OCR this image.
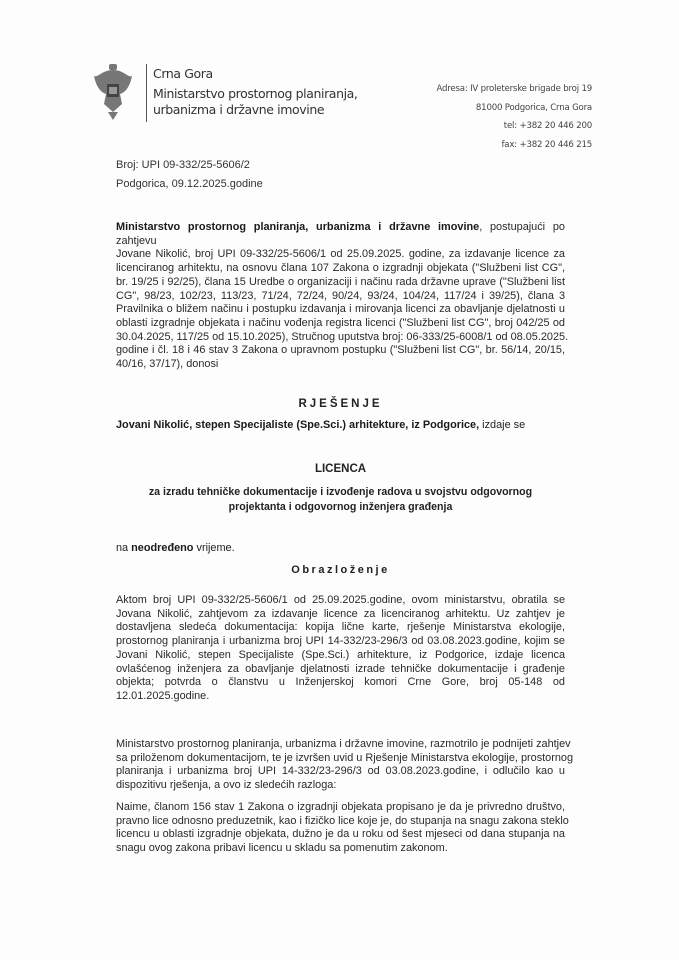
Crna Gora
Ministarstvo prostornog planiranja,
urbanizma i državne imovine
Adresa: IV proleterske brigade broj 19
81000 Podgorica, Crna Gora
tel: +382 20 446 200
fax: +382 20 446 215
Broj: UPI 09-332/25-5606/2
Podgorica, 09.12.2025.godine
Ministarstvo prostornog planiranja, urbanizma i državne imovine, postupajući po zahtjevu
Jovane Nikolić, broj UPI 09-332/25-5606/1 od 25.09.2025. godine, za izdavanje licence za
licenciranog arhitektu, na osnovu člana 107 Zakona o izgradnji objekata ("Službeni list CG",
br. 19/25 i 92/25), člana 15 Uredbe o organizaciji i načinu rada državne uprave ("Službeni list
CG", 98/23, 102/23, 113/23, 71/24, 72/24, 90/24, 93/24, 104/24, 117/24 i 39/25), člana 3
Pravilnika o bližem načinu i postupku izdavanja i mirovanja licenci za obavljanje djelatnosti u
oblasti izgradnje objekata i načinu vođenja registra licenci ("Službeni list CG", broj 042/25 od
30.04.2025, 117/25 od 15.10.2025), Stručnog uputstva broj: 06-333/25-6008/1 od 08.05.2025.
godine i čl. 18 i 46 stav 3 Zakona o upravnom postupku ("Službeni list CG", br. 56/14, 20/15,
40/16, 37/17), donosi
RJEŠENJE
Jovani Nikolić, stepen Specijaliste (Spe.Sci.) arhitekture, iz Podgorice, izdaje se
LICENCA
za izradu tehničke dokumentacije i izvođenje radova u svojstvu odgovornog
projektanta i odgovornog inženjera građenja
na neodređeno vrijeme.
Obrazloženje
Aktom broj UPI 09-332/25-5606/1 od 25.09.2025.godine, ovom ministarstvu, obratila se
Jovana Nikolić, zahtjevom za izdavanje licence za licenciranog arhitektu. Uz zahtjev je
dostavljena sledeća dokumentacija: kopija lične karte, rješenje Ministarstva ekologije,
prostornog planiranja i urbanizma broj UPI 14-332/23-296/3 od 03.08.2023.godine, kojim se
Jovani Nikolić, stepen Specijaliste (Spe.Sci.) arhitekture, iz Podgorice, izdaje licenca
ovlašćenog inženjera za obavljanje djelatnosti izrade tehničke dokumentacije i građenje
objekta; potvrda o članstvu u Inženjerskoj komori Crne Gore, broj 05-148 od
12.01.2025.godine.
Ministarstvo prostornog planiranja, urbanizma i državne imovine, razmotrilo je podnijeti zahtjev
sa priloženom dokumentacijom, te je izvršen uvid u Rješenje Ministarstva ekologije, prostornog
planiranja i urbanizma broj UPI 14-332/23-296/3 od 03.08.2023.godine, i odlučilo kao u
dispozitivu rješenja, a ovo iz sledećih razloga:
Naime, članom 156 stav 1 Zakona o izgradnji objekata propisano je da je privredno društvo,
pravno lice odnosno preduzetnik, kao i fizičko lice koje je, do stupanja na snagu zakona steklo
licencu u oblasti izgradnje objekata, dužno je da u roku od šest mjeseci od dana stupanja na
snagu ovog zakona pribavi licencu u skladu sa pomenutim zakonom.
